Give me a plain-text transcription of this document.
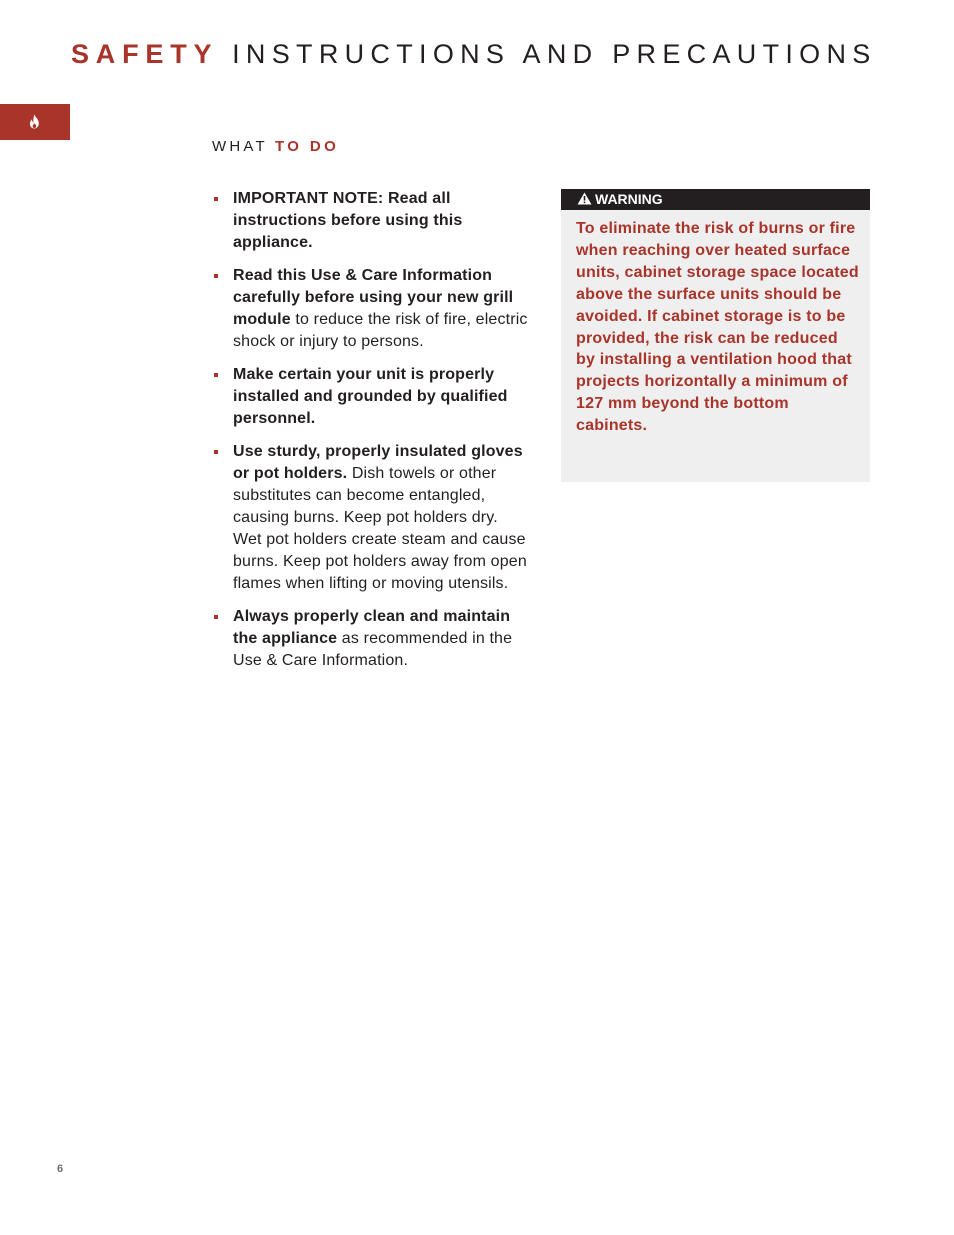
SAFETY INSTRUCTIONS AND PRECAUTIONS
WHAT TO DO
IMPORTANT NOTE: Read all instructions before using this appliance.
Read this Use & Care Information carefully before using your new grill module to reduce the risk of fire, electric shock or injury to persons.
Make certain your unit is properly installed and grounded by qualified personnel.
Use sturdy, properly insulated gloves or pot holders. Dish towels or other substitutes can become entangled, causing burns. Keep pot holders dry. Wet pot holders create steam and cause burns. Keep pot holders away from open flames when lifting or moving utensils.
Always properly clean and maintain the appliance as recommended in the Use & Care Information.
WARNING

To eliminate the risk of burns or fire when reaching over heated surface units, cabinet storage space located above the surface units should be avoided. If cabinet storage is to be provided, the risk can be reduced by installing a ventilation hood that projects horizontally a minimum of 127 mm beyond the bottom cabinets.

6
